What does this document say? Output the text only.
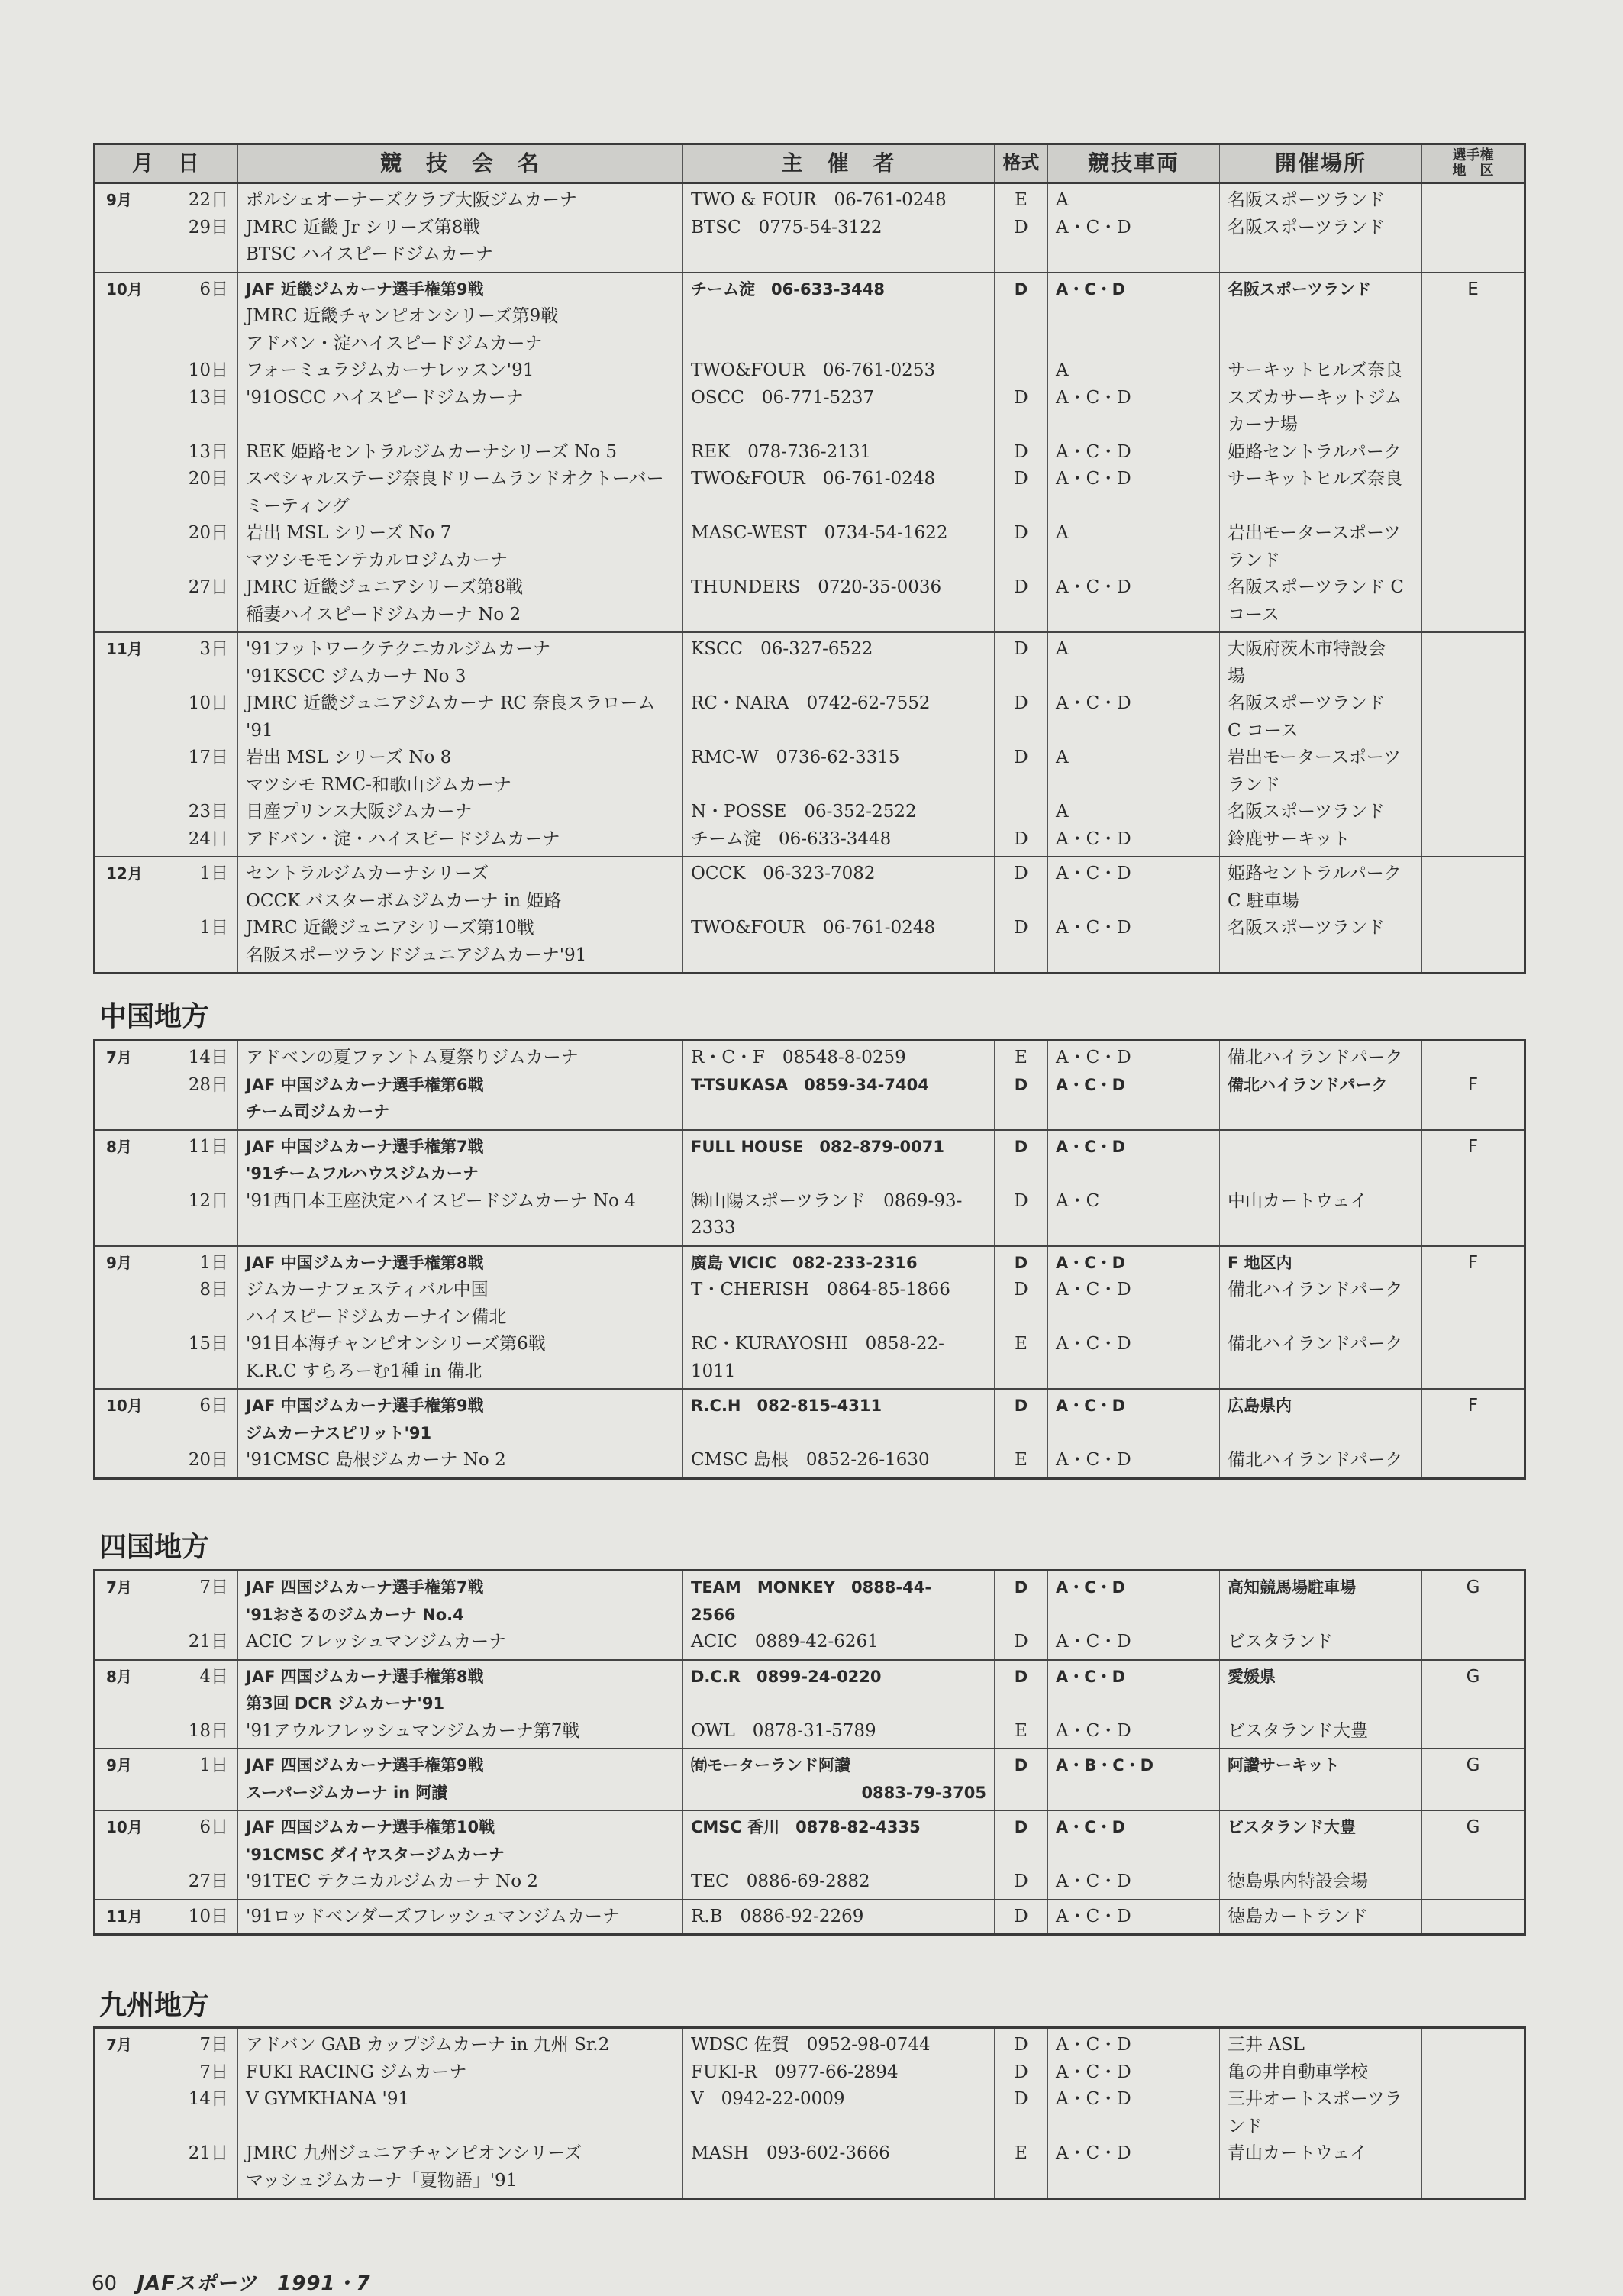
月　日		競　技　会　名	主　催　者	格式	競技車両	開催場所	選手権
地　区
9月	22日	ポルシェオーナーズクラブ大阪ジムカーナ	TWO & FOUR　06-761-0248	E	A	名阪スポーツランド	
	29日	JMRC 近畿 Jr シリーズ第8戦	BTSC　0775-54-3122	D	A・C・D	名阪スポーツランド	
		BTSC ハイスピードジムカーナ					
10月	6日	JAF 近畿ジムカーナ選手権第9戦	チーム淀　06-633-3448	D	A・C・D	名阪スポーツランド	E
		JMRC 近畿チャンピオンシリーズ第9戦					
		アドバン・淀ハイスピードジムカーナ					
	10日	フォーミュラジムカーナレッスン'91	TWO&FOUR　06-761-0253		A	サーキットヒルズ奈良	
	13日	'91OSCC ハイスピードジムカーナ	OSCC　06-771-5237	D	A・C・D	スズカサーキットジム	
						カーナ場	
	13日	REK 姫路セントラルジムカーナシリーズ No 5	REK　078-736-2131	D	A・C・D	姫路セントラルパーク	
	20日	スペシャルステージ奈良ドリームランドオクトーバー	TWO&FOUR　06-761-0248	D	A・C・D	サーキットヒルズ奈良	
		ミーティング					
	20日	岩出 MSL シリーズ No 7	MASC-WEST　0734-54-1622	D	A	岩出モータースポーツ	
		マツシモモンテカルロジムカーナ				ランド	
	27日	JMRC 近畿ジュニアシリーズ第8戦	THUNDERS　0720-35-0036	D	A・C・D	名阪スポーツランド C	
		稲妻ハイスピードジムカーナ No 2				コース	
11月	3日	'91フットワークテクニカルジムカーナ	KSCC　06-327-6522	D	A	大阪府茨木市特設会	
		'91KSCC ジムカーナ No 3				場	
	10日	JMRC 近畿ジュニアジムカーナ RC 奈良スラローム	RC・NARA　0742-62-7552	D	A・C・D	名阪スポーツランド	
		'91				C コース	
	17日	岩出 MSL シリーズ No 8	RMC-W　0736-62-3315	D	A	岩出モータースポーツ	
		マツシモ RMC-和歌山ジムカーナ				ランド	
	23日	日産プリンス大阪ジムカーナ	N・POSSE　06-352-2522		A	名阪スポーツランド	
	24日	アドバン・淀・ハイスピードジムカーナ	チーム淀　06-633-3448	D	A・C・D	鈴鹿サーキット	
12月	1日	セントラルジムカーナシリーズ	OCCK　06-323-7082	D	A・C・D	姫路セントラルパーク	
		OCCK バスターボムジムカーナ in 姫路				C 駐車場	
	1日	JMRC 近畿ジュニアシリーズ第10戦	TWO&FOUR　06-761-0248	D	A・C・D	名阪スポーツランド	
		名阪スポーツランドジュニアジムカーナ'91					
中国地方
7月	14日	アドベンの夏ファントム夏祭りジムカーナ	R・C・F　08548-8-0259	E	A・C・D	備北ハイランドパーク	
	28日	JAF 中国ジムカーナ選手権第6戦	T-TSUKASA　0859-34-7404	D	A・C・D	備北ハイランドパーク	F
		チーム司ジムカーナ					
8月	11日	JAF 中国ジムカーナ選手権第7戦	FULL HOUSE　082-879-0071	D	A・C・D		F
		'91チームフルハウスジムカーナ					
	12日	'91西日本王座決定ハイスピードジムカーナ No 4	㈱山陽スポーツランド　0869-93-	D	A・C	中山カートウェイ	
			2333				
9月	1日	JAF 中国ジムカーナ選手権第8戦	廣島 VICIC　082-233-2316	D	A・C・D	F 地区内	F
	8日	ジムカーナフェスティバル中国	T・CHERISH　0864-85-1866	D	A・C・D	備北ハイランドパーク	
		ハイスピードジムカーナイン備北					
	15日	'91日本海チャンピオンシリーズ第6戦	RC・KURAYOSHI　0858-22-	E	A・C・D	備北ハイランドパーク	
		K.R.C すらろーむ1種 in 備北	1011				
10月	6日	JAF 中国ジムカーナ選手権第9戦	R.C.H　082-815-4311	D	A・C・D	広島県内	F
		ジムカーナスピリット'91					
	20日	'91CMSC 島根ジムカーナ No 2	CMSC 島根　0852-26-1630	E	A・C・D	備北ハイランドパーク	
四国地方
7月	7日	JAF 四国ジムカーナ選手権第7戦	TEAM　MONKEY　0888-44-	D	A・C・D	高知競馬場駐車場	G
		'91おさるのジムカーナ No.4	2566				
	21日	ACIC フレッシュマンジムカーナ	ACIC　0889-42-6261	D	A・C・D	ビスタランド	
8月	4日	JAF 四国ジムカーナ選手権第8戦	D.C.R　0899-24-0220	D	A・C・D	愛媛県	G
		第3回 DCR ジムカーナ'91					
	18日	'91アウルフレッシュマンジムカーナ第7戦	OWL　0878-31-5789	E	A・C・D	ビスタランド大豊	
9月	1日	JAF 四国ジムカーナ選手権第9戦	㈲モーターランド阿讃	D	A・B・C・D	阿讃サーキット	G
		スーパージムカーナ in 阿讃	0883-79-3705				
10月	6日	JAF 四国ジムカーナ選手権第10戦	CMSC 香川　0878-82-4335	D	A・C・D	ビスタランド大豊	G
		'91CMSC ダイヤスタージムカーナ					
	27日	'91TEC テクニカルジムカーナ No 2	TEC　0886-69-2882	D	A・C・D	徳島県内特設会場	
11月	10日	'91ロッドベンダーズフレッシュマンジムカーナ	R.B　0886-92-2269	D	A・C・D	徳島カートランド	
九州地方
7月	7日	アドバン GAB カップジムカーナ in 九州 Sr.2	WDSC 佐賀　0952-98-0744	D	A・C・D	三井 ASL	
	7日	FUKI RACING ジムカーナ	FUKI-R　0977-66-2894	D	A・C・D	亀の井自動車学校	
	14日	V GYMKHANA '91	V　0942-22-0009	D	A・C・D	三井オートスポーツラ	
						ンド	
	21日	JMRC 九州ジュニアチャンピオンシリーズ	MASH　093-602-3666	E	A・C・D	青山カートウェイ	
		マッシュジムカーナ「夏物語」'91					
60 JAFスポーツ 1991・7
